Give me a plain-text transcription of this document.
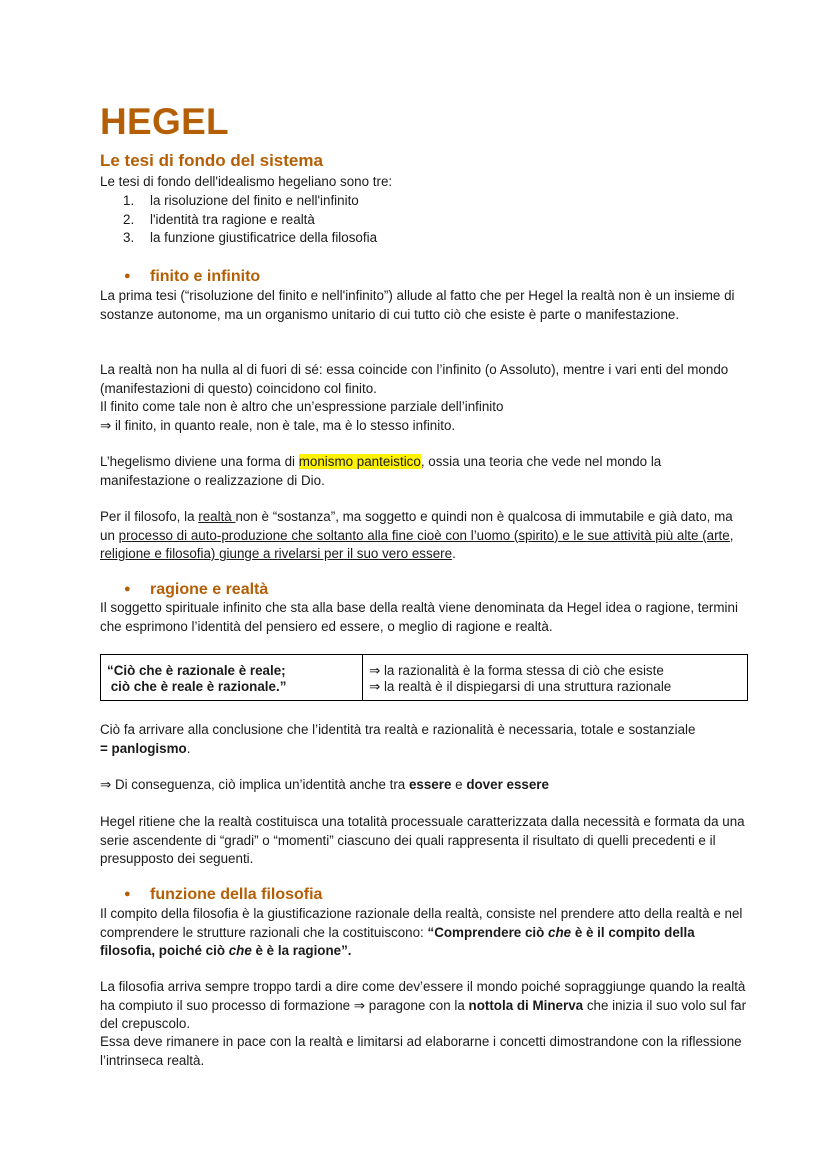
HEGEL
Le tesi di fondo del sistema

Le tesi di fondo dell'idealismo hegeliano sono tre:

1. la risoluzione del finito e nell'infinito
2. l'identità tra ragione e realtà
3. la funzione giustificatrice della filosofia
● finito e infinito

La prima tesi (“risoluzione del finito e nell'infinito”) allude al fatto che per Hegel la realtà non è un insieme di sostanze autonome, ma un organismo unitario di cui tutto ciò che esiste è parte o manifestazione.

La realtà non ha nulla al di fuori di sé: essa coincide con l’infinito (o Assoluto), mentre i vari enti del mondo (manifestazioni di questo) coincidono col finito.
Il finito come tale non è altro che un’espressione parziale dell’infinito
⇒ il finito, in quanto reale, non è tale, ma è lo stesso infinito.

L’hegelismo diviene una forma di monismo panteistico, ossia una teoria che vede nel mondo la manifestazione o realizzazione di Dio.

Per il filosofo, la realtà non è “sostanza”, ma soggetto e quindi non è qualcosa di immutabile e già dato, ma un processo di auto-produzione che soltanto alla fine cioè con l’uomo (spirito) e le sue attività più alte (arte, religione e filosofia) giunge a rivelarsi per il suo vero essere.

● ragione e realtà

Il soggetto spirituale infinito che sta alla base della realtà viene denominata da Hegel idea o ragione, termini che esprimono l’identità del pensiero ed essere, o meglio di ragione e realtà.

“Ciò che è razionale è reale;
ciò che è reale è razionale.”	⇒ la razionalità è la forma stessa di ciò che esiste
⇒ la realtà è il dispiegarsi di una struttura razionale

Ciò fa arrivare alla conclusione che l’identità tra realtà e razionalità è necessaria, totale e sostanziale
= panlogismo.

⇒ Di conseguenza, ciò implica un’identità anche tra essere e dover essere

Hegel ritiene che la realtà costituisca una totalità processuale caratterizzata dalla necessità e formata da una serie ascendente di “gradi” o “momenti” ciascuno dei quali rappresenta il risultato di quelli precedenti e il presupposto dei seguenti.

● funzione della filosofia

Il compito della filosofia è la giustificazione razionale della realtà, consiste nel prendere atto della realtà e nel comprendere le strutture razionali che la costituiscono: “Comprendere ciò che è è il compito della filosofia, poiché ciò che è è la ragione”.

La filosofia arriva sempre troppo tardi a dire come dev’essere il mondo poiché sopraggiunge quando la realtà ha compiuto il suo processo di formazione ⇒ paragone con la nottola di Minerva che inizia il suo volo sul far del crepuscolo.

Essa deve rimanere in pace con la realtà e limitarsi ad elaborarne i concetti dimostrandone con la riflessione l’intrinseca realtà.
